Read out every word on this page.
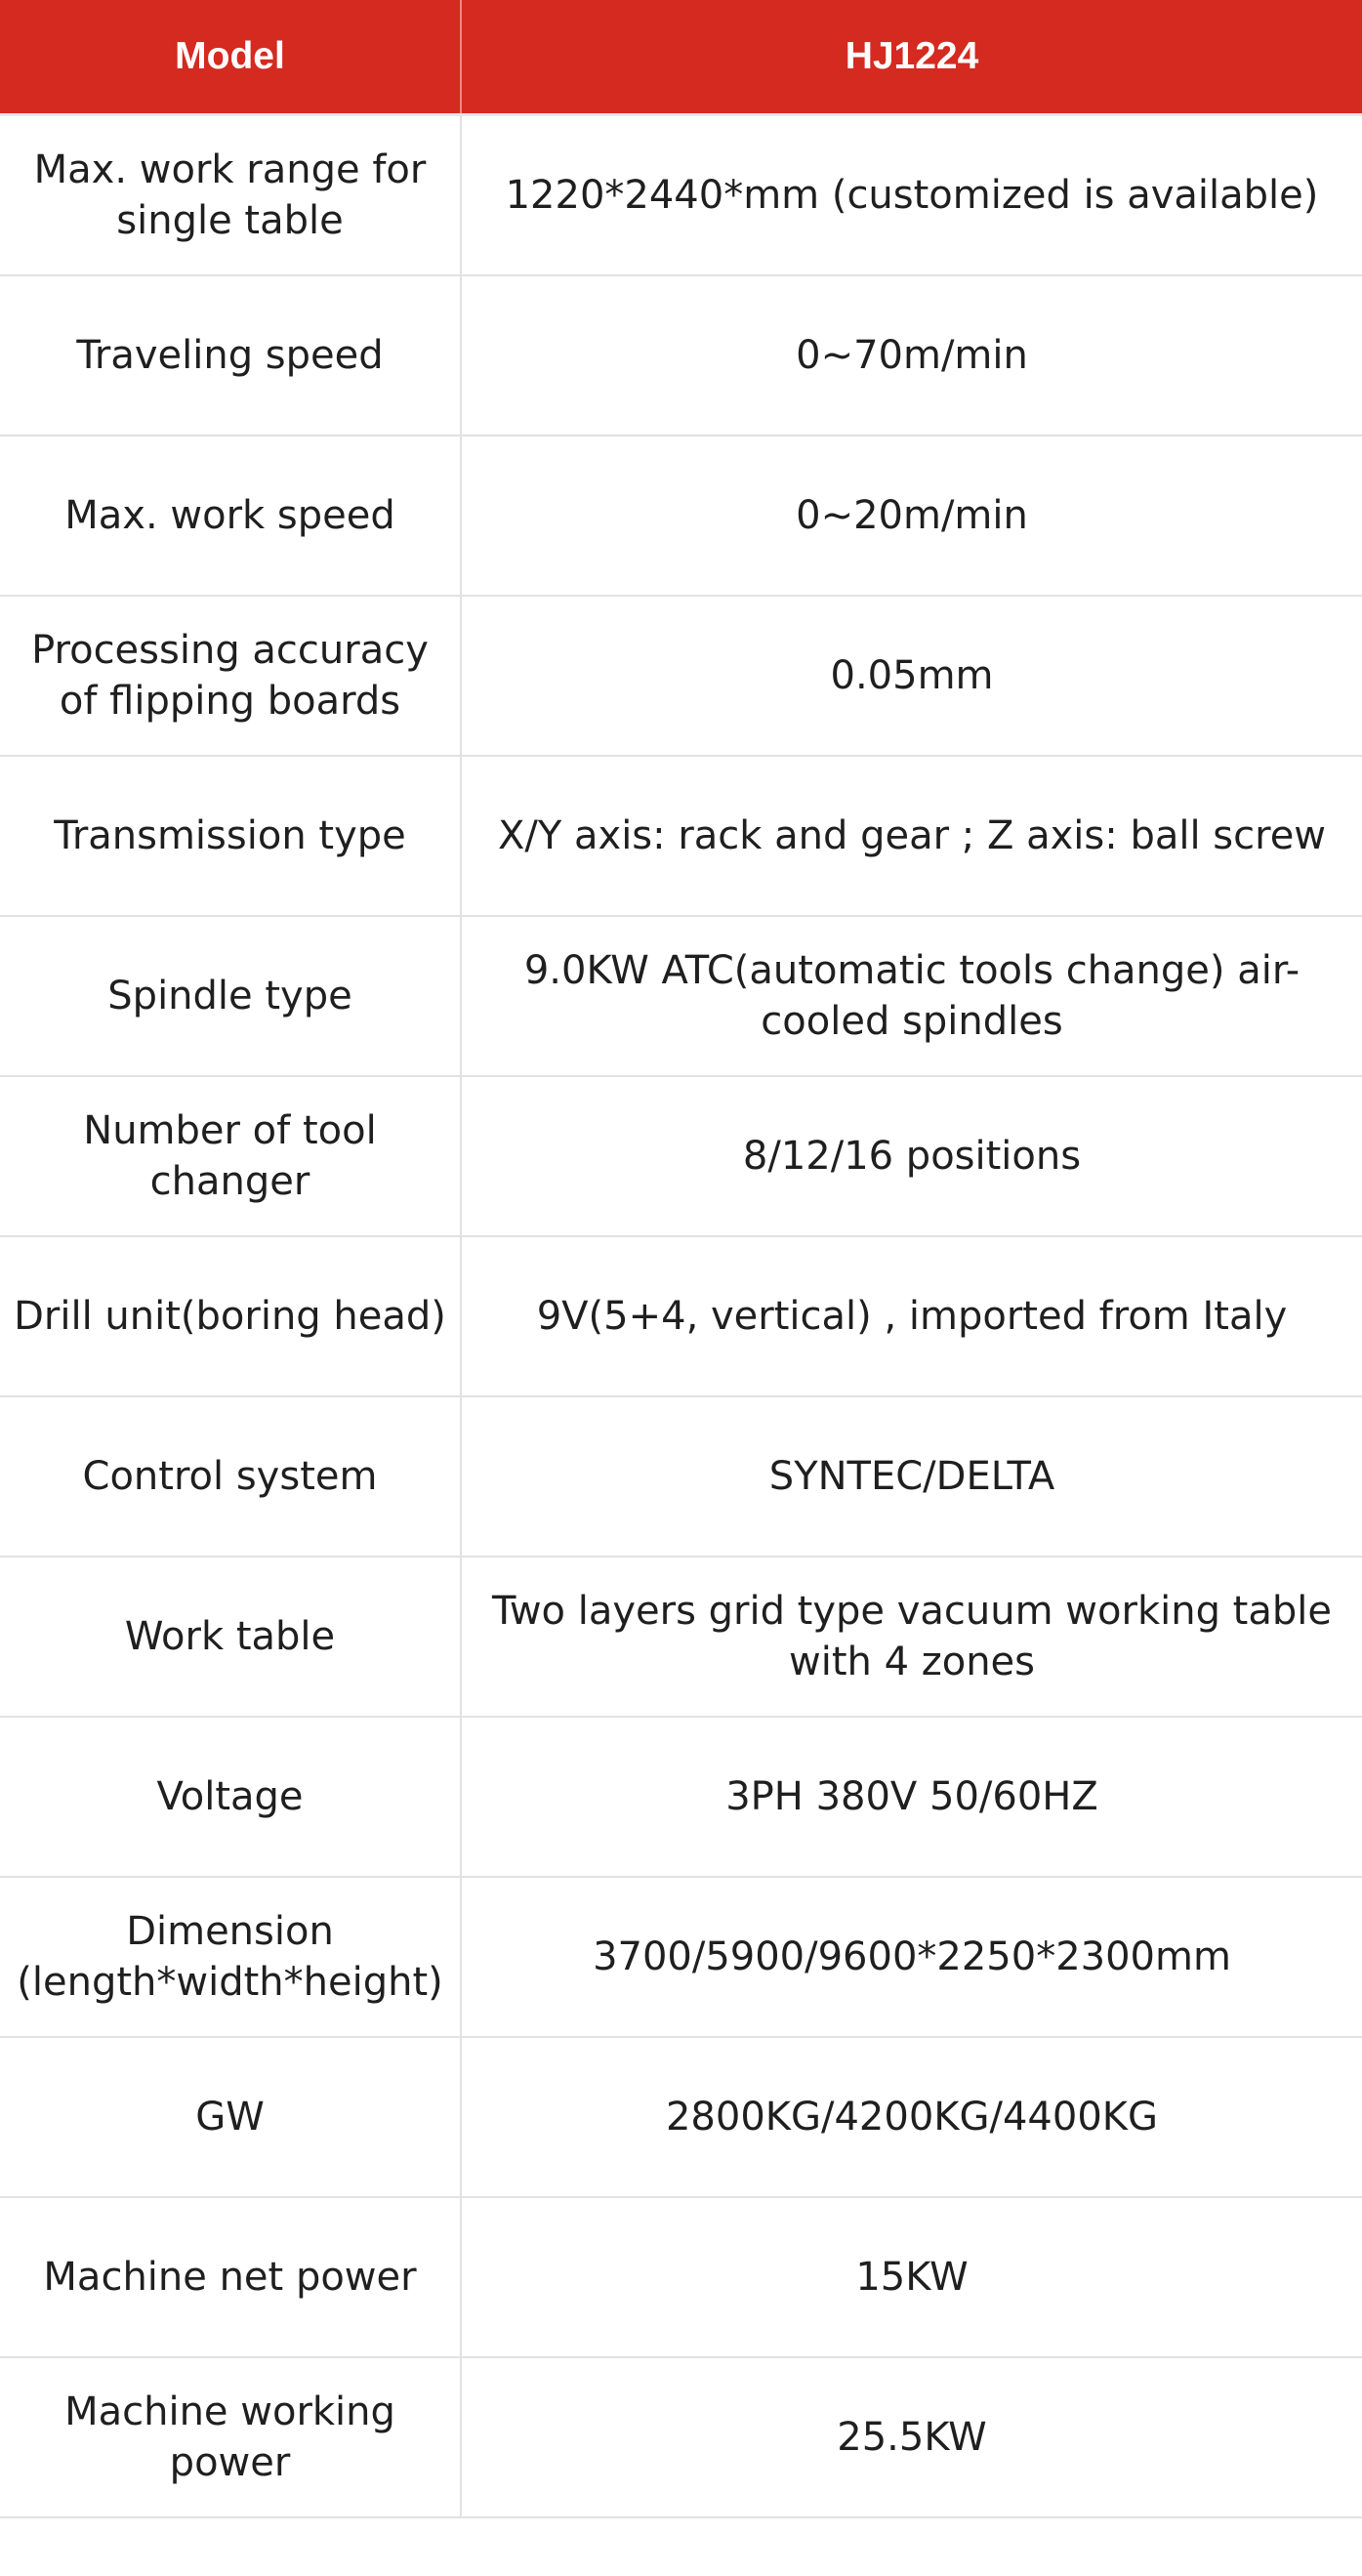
Model	HJ1224
Max. work range for single table	1220*2440*mm (customized is available)
Traveling speed	0~70m/min
Max. work speed	0~20m/min
Processing accuracy of flipping boards	0.05mm
Transmission type	X/Y axis: rack and gear ; Z axis: ball screw
Spindle type	9.0KW ATC(automatic tools change) air-cooled spindles
Number of tool changer	8/12/16 positions
Drill unit(boring head)	9V(5+4, vertical) , imported from Italy
Control system	SYNTEC/DELTA
Work table	Two layers grid type vacuum working table with 4 zones
Voltage	3PH 380V 50/60HZ
Dimension (length*width*height)	3700/5900/9600*2250*2300mm
GW	2800KG/4200KG/4400KG
Machine net power	15KW
Machine working power	25.5KW
